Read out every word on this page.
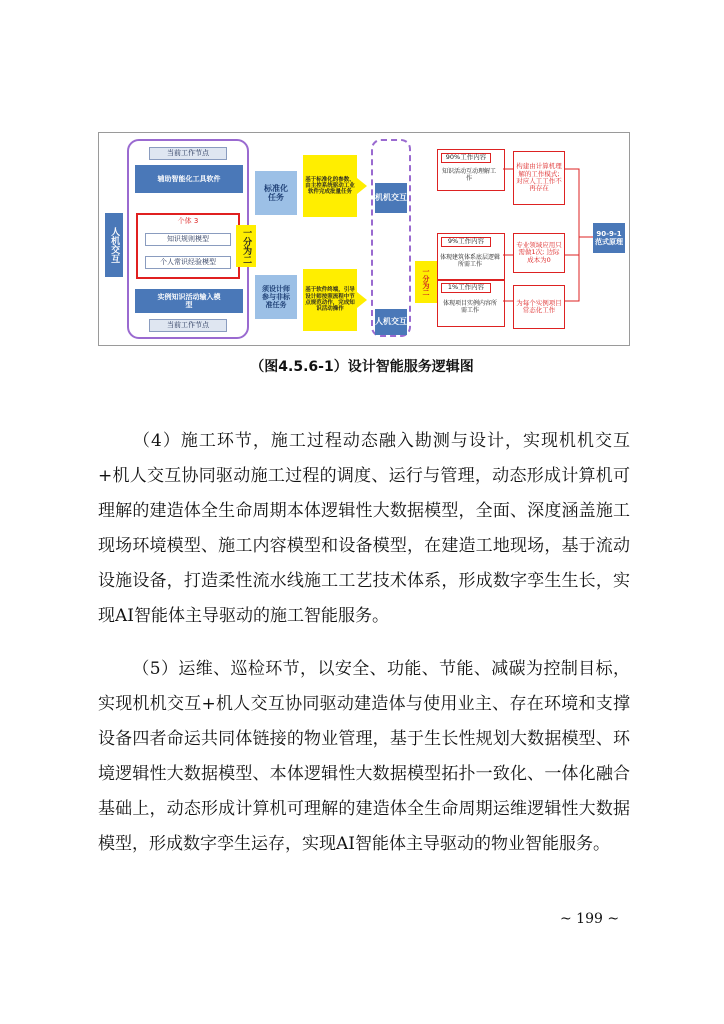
人机交互
当前工作节点
辅助智能化工具软件
个体 3
知识规则模型
个人常识经验模型
实例知识活动输入模型
当前工作节点
一分为二
标准化任务
须设计师参与非标准任务
基于标准化的参数、由主控系统驱动工业软件完成批量任务
基于软件终端，引导设计师按照流程中节点规范动作，完成知识活动操作
机机交互
人机交互
一分为二
90%工作内容
知识活动互动理解工作
9%工作内容
体现建筑体系底层逻辑所需工作
1%工作内容
体现项目实例内容所需工作
构建由计算机理解的工作模式; 对应人工工作不再存在
专业领域应用只需做1次; 边际成本为0
为每个实例项目常态化工作
90-9-1范式原理
（图4.5.6-1）设计智能服务逻辑图
（4）施工环节，施工过程动态融入勘测与设计，实现机机交互+机人交互协同驱动施工过程的调度、运行与管理，动态形成计算机可理解的建造体全生命周期本体逻辑性大数据模型，全面、深度涵盖施工现场环境模型、施工内容模型和设备模型，在建造工地现场，基于流动设施设备，打造柔性流水线施工工艺技术体系，形成数字孪生生长，实现AI智能体主导驱动的施工智能服务。
（5）运维、巡检环节，以安全、功能、节能、减碳为控制目标，实现机机交互+机人交互协同驱动建造体与使用业主、存在环境和支撑设备四者命运共同体链接的物业管理，基于生长性规划大数据模型、环境逻辑性大数据模型、本体逻辑性大数据模型拓扑一致化、一体化融合基础上，动态形成计算机可理解的建造体全生命周期运维逻辑性大数据模型，形成数字孪生运存，实现AI智能体主导驱动的物业智能服务。
~ 199 ~
